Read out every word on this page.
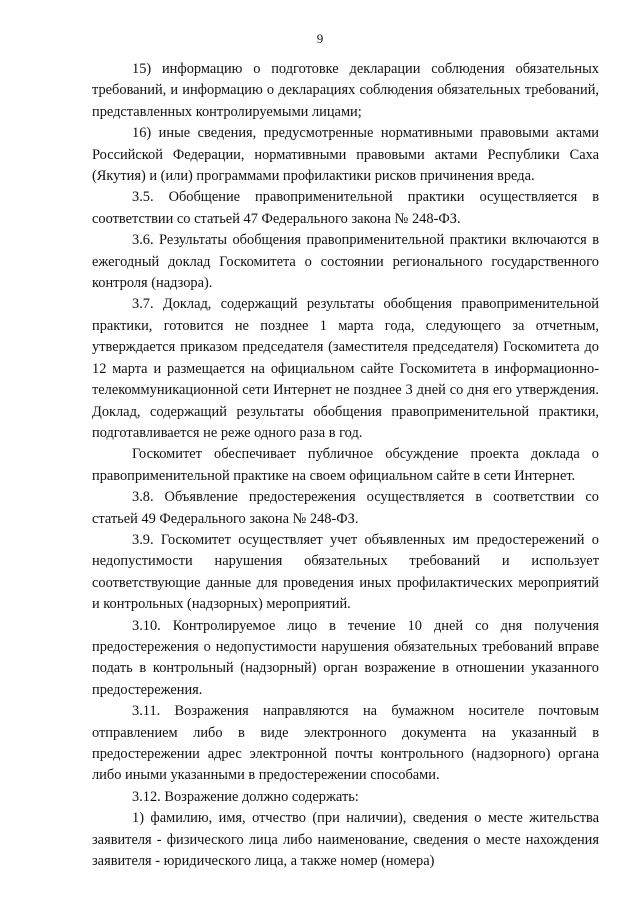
9

15) информацию о подготовке декларации соблюдения обязательных требований, и информацию о декларациях соблюдения обязательных требований, представленных контролируемыми лицами;

16) иные сведения, предусмотренные нормативными правовыми актами Российской Федерации, нормативными правовыми актами Республики Саха (Якутия) и (или) программами профилактики рисков причинения вреда.

3.5. Обобщение правоприменительной практики осуществляется в соответствии со статьей 47 Федерального закона № 248-ФЗ.

3.6. Результаты обобщения правоприменительной практики включаются в ежегодный доклад Госкомитета о состоянии регионального государственного контроля (надзора).

3.7. Доклад, содержащий результаты обобщения правоприменительной практики, готовится не позднее 1 марта года, следующего за отчетным, утверждается приказом председателя (заместителя председателя) Госкомитета до 12 марта и размещается на официальном сайте Госкомитета в информационно-телекоммуникационной сети Интернет не позднее 3 дней со дня его утверждения. Доклад, содержащий результаты обобщения правоприменительной практики, подготавливается не реже одного раза в год.

Госкомитет обеспечивает публичное обсуждение проекта доклада о правоприменительной практике на своем официальном сайте в сети Интернет.

3.8. Объявление предостережения осуществляется в соответствии со статьей 49 Федерального закона № 248-ФЗ.

3.9. Госкомитет осуществляет учет объявленных им предостережений о недопустимости нарушения обязательных требований и использует соответствующие данные для проведения иных профилактических мероприятий и контрольных (надзорных) мероприятий.

3.10. Контролируемое лицо в течение 10 дней со дня получения предостережения о недопустимости нарушения обязательных требований вправе подать в контрольный (надзорный) орган возражение в отношении указанного предостережения.

3.11. Возражения направляются на бумажном носителе почтовым отправлением либо в виде электронного документа на указанный в предостережении адрес электронной почты контрольного (надзорного) органа либо иными указанными в предостережении способами.

3.12. Возражение должно содержать:

1) фамилию, имя, отчество (при наличии), сведения о месте жительства заявителя - физического лица либо наименование, сведения о месте нахождения заявителя - юридического лица, а также номер (номера)
